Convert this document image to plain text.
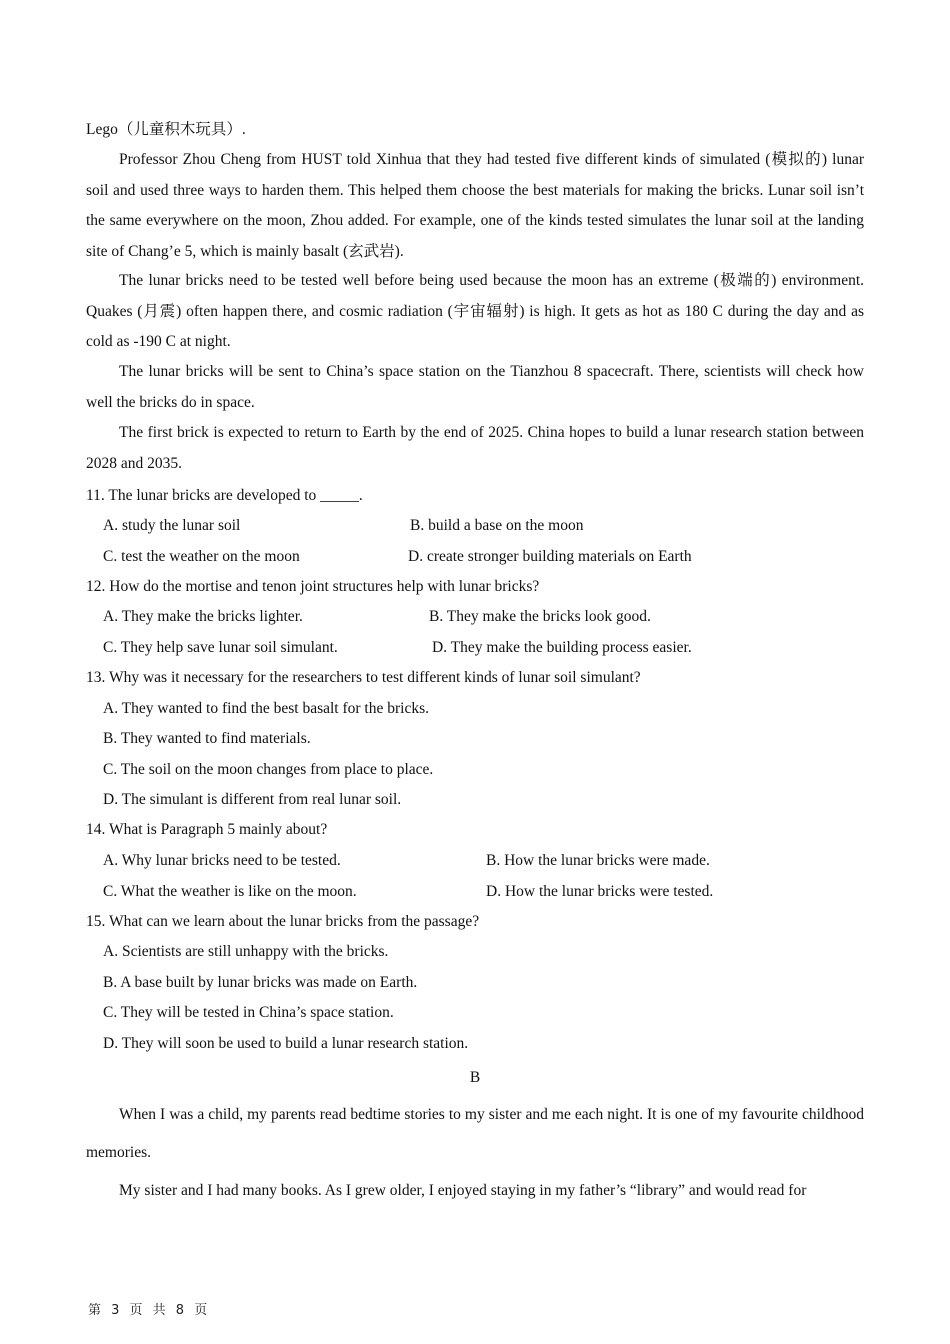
Lego（儿童积木玩具）.

Professor Zhou Cheng from HUST told Xinhua that they had tested five different kinds of simulated (模拟的) lunar soil and used three ways to harden them. This helped them choose the best materials for making the bricks. Lunar soil isn’t the same everywhere on the moon, Zhou added. For example, one of the kinds tested simulates the lunar soil at the landing site of Chang’e 5, which is mainly basalt (玄武岩).

The lunar bricks need to be tested well before being used because the moon has an extreme (极端的) environment. Quakes (月震) often happen there, and cosmic radiation (宇宙辐射) is high. It gets as hot as 180 C during the day and as cold as -190 C at night.

The lunar bricks will be sent to China’s space station on the Tianzhou 8 spacecraft. There, scientists will check how well the bricks do in space.

The first brick is expected to return to Earth by the end of 2025. China hopes to build a lunar research station between 2028 and 2035.

11. The lunar bricks are developed to _____.
A. study the lunar soil	B. build a base on the moon
C. test the weather on the moon	D. create stronger building materials on Earth
12. How do the mortise and tenon joint structures help with lunar bricks?
A. They make the bricks lighter.	B. They make the bricks look good.
C. They help save lunar soil simulant.	D. They make the building process easier.
13. Why was it necessary for the researchers to test different kinds of lunar soil simulant?
A. They wanted to find the best basalt for the bricks.
B. They wanted to find materials.
C. The soil on the moon changes from place to place.
D. The simulant is different from real lunar soil.
14. What is Paragraph 5 mainly about?
A. Why lunar bricks need to be tested.	B. How the lunar bricks were made.
C. What the weather is like on the moon.	D. How the lunar bricks were tested.
15. What can we learn about the lunar bricks from the passage?
A. Scientists are still unhappy with the bricks.
B. A base built by lunar bricks was made on Earth.
C. They will be tested in China’s space station.
D. They will soon be used to build a lunar research station.
B

When I was a child, my parents read bedtime stories to my sister and me each night. It is one of my favourite childhood memories.

My sister and I had many books. As I grew older, I enjoyed staying in my father’s “library” and would read for

第 3 页 共 8 页
